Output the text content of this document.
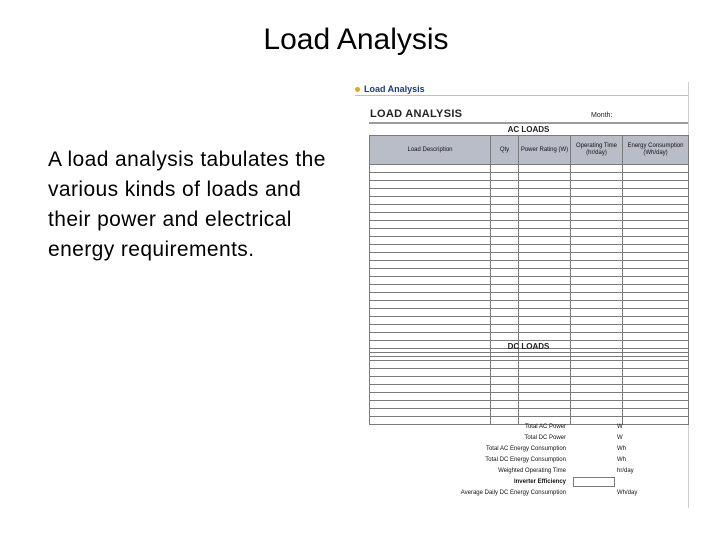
Load Analysis
A load analysis tabulates the various kinds of loads and their power and electrical energy requirements.
Load Analysis
LOAD ANALYSIS	Month:
AC LOADS
Load Description	Qty	Power Rating (W)	Operating Time (hr/day)	Energy Consumption (Wh/day)

DC LOADS

Total AC Power	W
Total DC Power	W
Total AC Energy Consumption	Wh
Total DC Energy Consumption	Wh
Weighted Operating Time	hr/day
Inverter Efficiency
Average Daily DC Energy Consumption	Wh/day
